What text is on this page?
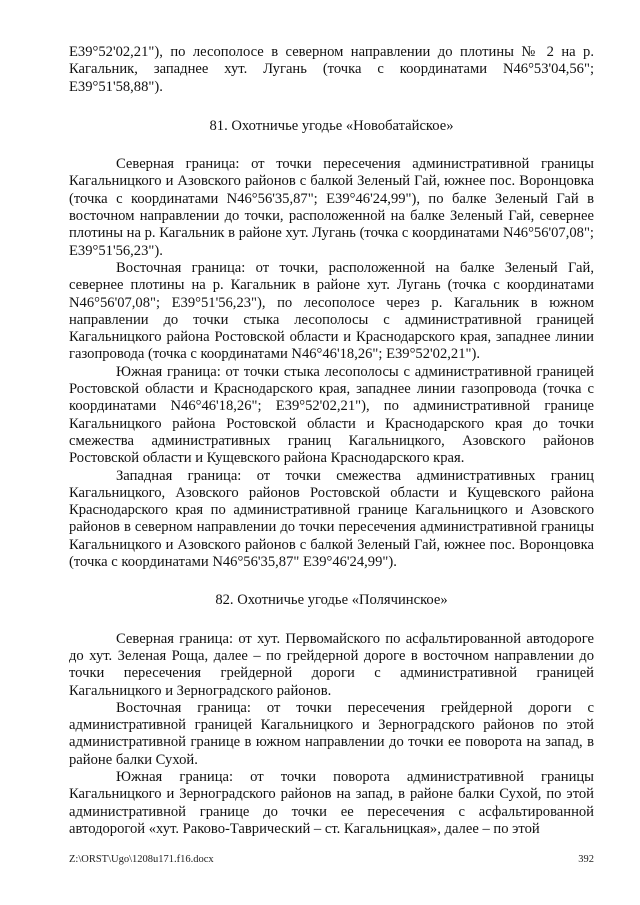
E39°52'02,21"), по лесополосе в северном направлении до плотины № 2 на р. Кагальник, западнее хут. Лугань (точка с координатами N46°53'04,56"; E39°51'58,88").

81. Охотничье угодье «Новобатайское»

Северная граница: от точки пересечения административной границы Кагальницкого и Азовского районов с балкой Зеленый Гай, южнее пос. Воронцовка (точка с координатами N46°56'35,87"; E39°46'24,99"), по балке Зеленый Гай в восточном направлении до точки, расположенной на балке Зеленый Гай, севернее плотины на р. Кагальник в районе хут. Лугань (точка с координатами N46°56'07,08"; E39°51'56,23").

Восточная граница: от точки, расположенной на балке Зеленый Гай, севернее плотины на р. Кагальник в районе хут. Лугань (точка с координатами N46°56'07,08"; E39°51'56,23"), по лесополосе через р. Кагальник в южном направлении до точки стыка лесополосы с административной границей Кагальницкого района Ростовской области и Краснодарского края, западнее линии газопровода (точка с координатами N46°46'18,26"; E39°52'02,21").

Южная граница: от точки стыка лесополосы с административной границей Ростовской области и Краснодарского края, западнее линии газопровода (точка с координатами N46°46'18,26"; E39°52'02,21"), по административной границе Кагальницкого района Ростовской области и Краснодарского края до точки смежества административных границ Кагальницкого, Азовского районов Ростовской области и Кущевского района Краснодарского края.

Западная граница: от точки смежества административных границ Кагальницкого, Азовского районов Ростовской области и Кущевского района Краснодарского края по административной границе Кагальницкого и Азовского районов в северном направлении до точки пересечения административной границы Кагальницкого и Азовского районов с балкой Зеленый Гай, южнее пос. Воронцовка (точка с координатами N46°56'35,87" E39°46'24,99").

82. Охотничье угодье «Полячинское»

Северная граница: от хут. Первомайского по асфальтированной автодороге до хут. Зеленая Роща, далее – по грейдерной дороге в восточном направлении до точки пересечения грейдерной дороги с административной границей Кагальницкого и Зерноградского районов.

Восточная граница: от точки пересечения грейдерной дороги с административной границей Кагальницкого и Зерноградского районов по этой административной границе в южном направлении до точки ее поворота на запад, в районе балки Сухой.

Южная граница: от точки поворота административной границы Кагальницкого и Зерноградского районов на запад, в районе балки Сухой, по этой административной границе до точки ее пересечения с асфальтированной автодорогой «хут. Раково-Таврический – ст. Кагальницкая», далее – по этой

Z:\ORST\Ugo\1208u171.f16.docx	392
